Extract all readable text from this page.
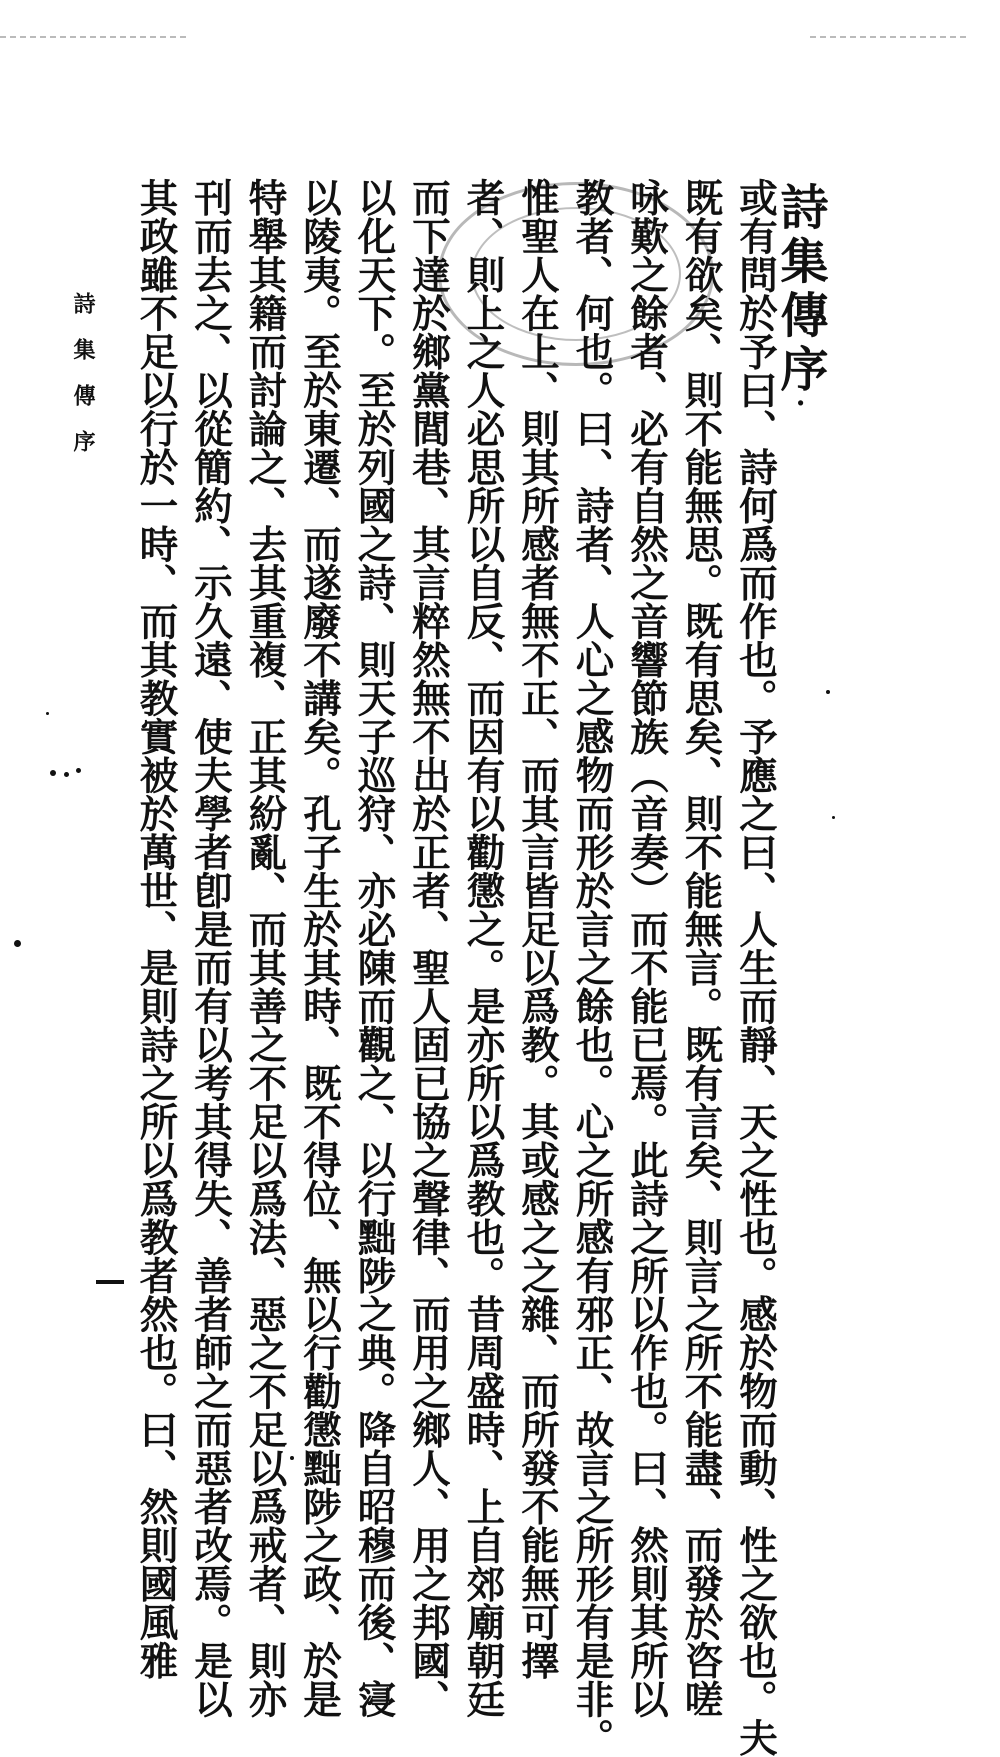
詩集傳序·
或有問於予曰、詩何爲而作也。予應之曰、人生而靜、天之性也。感於物而動、性之欲也。夫
既有欲矣、則不能無思。既有思矣、則不能無言。既有言矣、則言之所不能盡、而發於咨嗟
咏歎之餘者、必有自然之音響節族（音奏）而不能已焉。此詩之所以作也。曰、然則其所以
教者、何也。曰、詩者、人心之感物而形於言之餘也。心之所感有邪正、故言之所形有是非。
惟聖人在上、則其所感者無不正、而其言皆足以爲教。其或感之之雜、而所發不能無可擇
者、則上之人必思所以自反、而因有以勸懲之。是亦所以爲教也。昔周盛時、上自郊廟朝廷
而下達於鄉黨閭巷、其言粹然無不出於正者、聖人固已協之聲律、而用之鄉人、用之邦國、
以化天下。至於列國之詩、則天子巡狩、亦必陳而觀之、以行黜陟之典。降自昭穆而後、寖
以陵夷。至於東遷、而遂廢不講矣。孔子生於其時、既不得位、無以行勸懲黜陟之政、於是
特舉其籍而討論之、去其重複、正其紛亂、而其善之不足以爲法、惡之不足以爲戒者、則亦
刊而去之、以從簡約、示久遠、使夫學者卽是而有以考其得失、善者師之而惡者改焉。是以
其政雖不足以行於一時、而其教實被於萬世、是則詩之所以爲教者然也。曰、然則國風雅
詩集傳序
